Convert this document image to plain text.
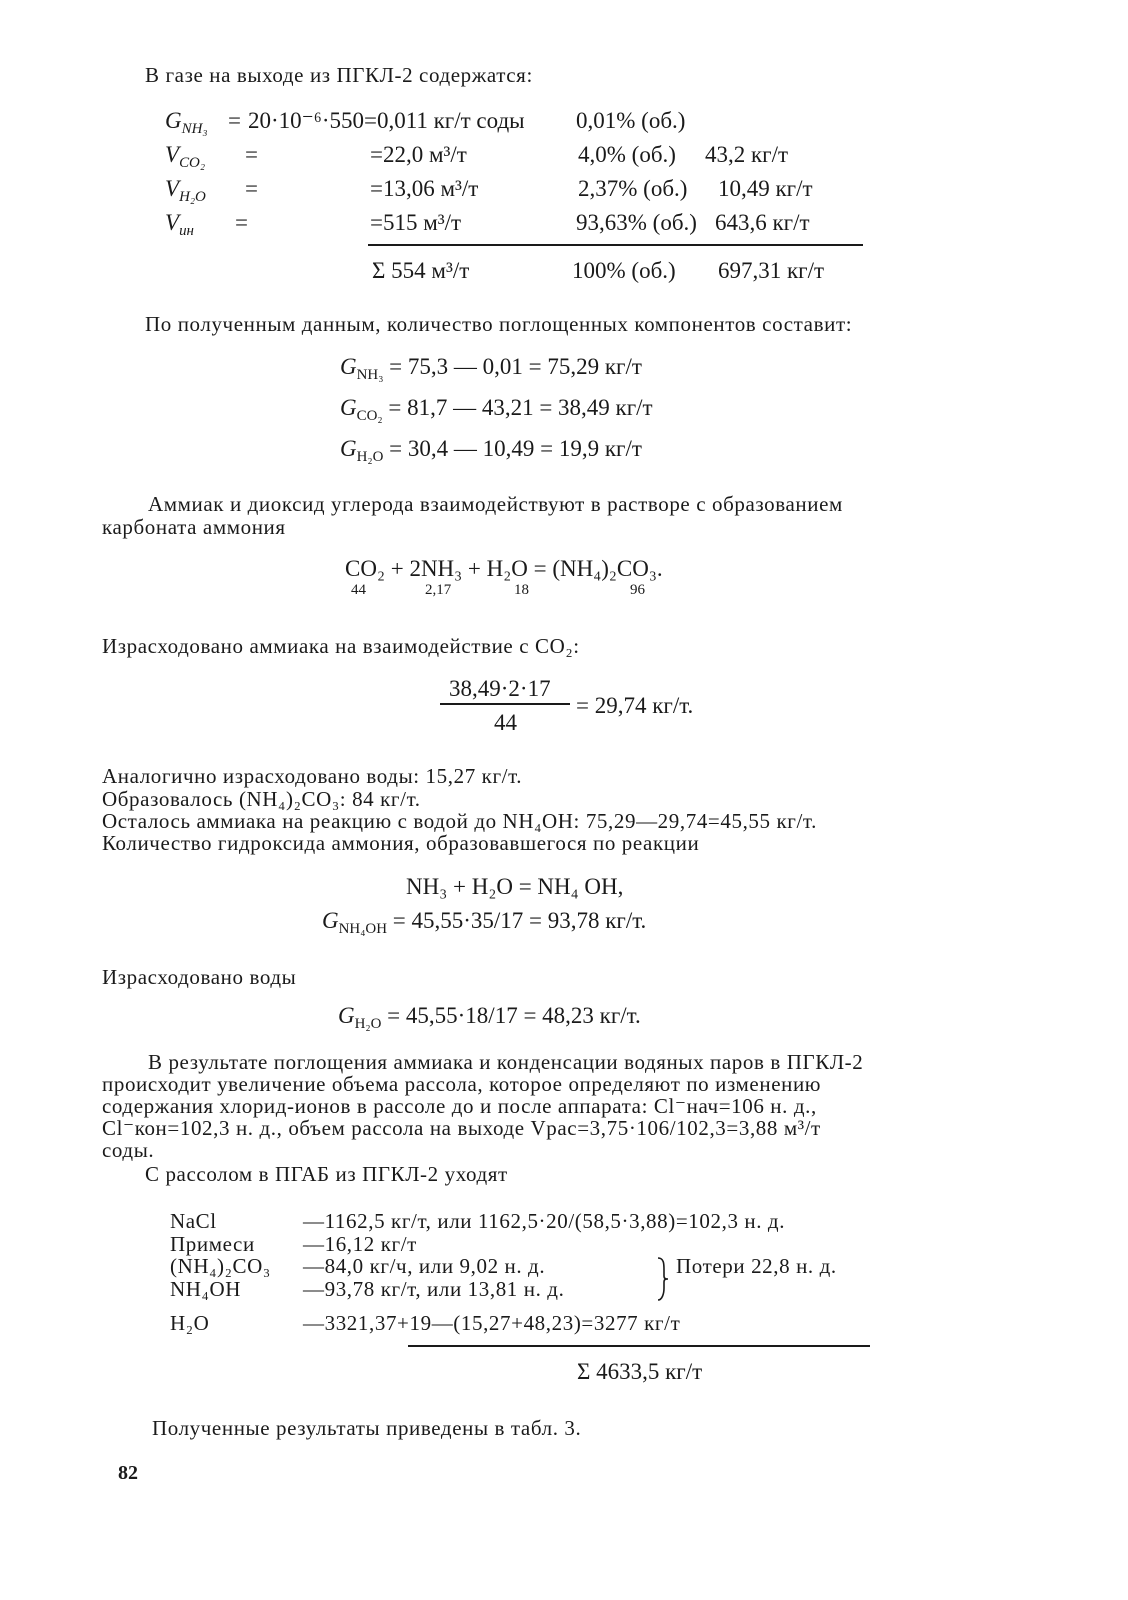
В газе на выходе из ПГКЛ-2 содержатся:
$G_{NH_3} = 20\cdot 10^{-6}\cdot 550=0,011$ кг/т соды 0,01% (об.)
$V_{CO_2}$ =	=22,0 м³/т	4,0% (об.) 43,2 кг/т
$V_{H_2O}$ =	=13,06 м³/т	2,37% (об.) 10,49 кг/т
$V_{ин}$ =	=515 м³/т	93,63% (об.) 643,6 кг/т
Σ 554 м³/т	100% (об.) 697,31 кг/т
По полученным данным, количество поглощенных компонентов составит:
$G_{NH_3} = 75,3$ — 0,01 = 75,29 кг/т
$G_{CO_2} = 81,7$ — 43,21 = 38,49 кг/т
$G_{H_2O} = 30,4$ — 10,49 = 19,9 кг/т
Аммиак и диоксид углерода взаимодействуют в растворе с образованием
карбоната аммония
CO₂ + 2NH₃ + H₂O = (NH₄)₂CO₃.
44	2,17	18	96
Израсходовано аммиака на взаимодействие с CO₂:
38,49·2·17
44
= 29,74 кг/т.
Аналогично израсходовано воды: 15,27 кг/т.
Образовалось (NH₄)₂CO₃: 84 кг/т.
Осталось аммиака на реакцию с водой до NH₄OH: 75,29—29,74=45,55 кг/т.
Количество гидроксида аммония, образовавшегося по реакции
NH₃ + H₂O = NH₄ OH,
$G_{NH_4OH} = 45,55\cdot 35/17 = 93,78$ кг/т.
Израсходовано воды
$G_{H_2O} = 45,55\cdot 18/17 = 48,23$ кг/т.
В результате поглощения аммиака и конденсации водяных паров в ПГКЛ-2
происходит увеличение объема рассола, которое определяют по изменению
содержания хлорид-ионов в рассоле до и после аппарата: Cl⁻нач=106 н. д.,
Cl⁻кон=102,3 н. д., объем рассола на выходе Vрас=3,75·106/102,3=3,88 м³/т
соды.
С рассолом в ПГАБ из ПГКЛ-2 уходят
NaCl	—1162,5 кг/т, или 1162,5·20/(58,5·3,88)=102,3 н. д.
Примеси —16,12 кг/т
(NH₄)₂CO₃ —84,0 кг/ч, или 9,02 н. д.
NH₄OH	—93,78 кг/т, или 13,81 н. д.
Потери 22,8 н. д.
H₂O	—3321,37+19—(15,27+48,23)=3277 кг/т
Σ 4633,5 кг/т
Полученные результаты приведены в табл. 3.
82
